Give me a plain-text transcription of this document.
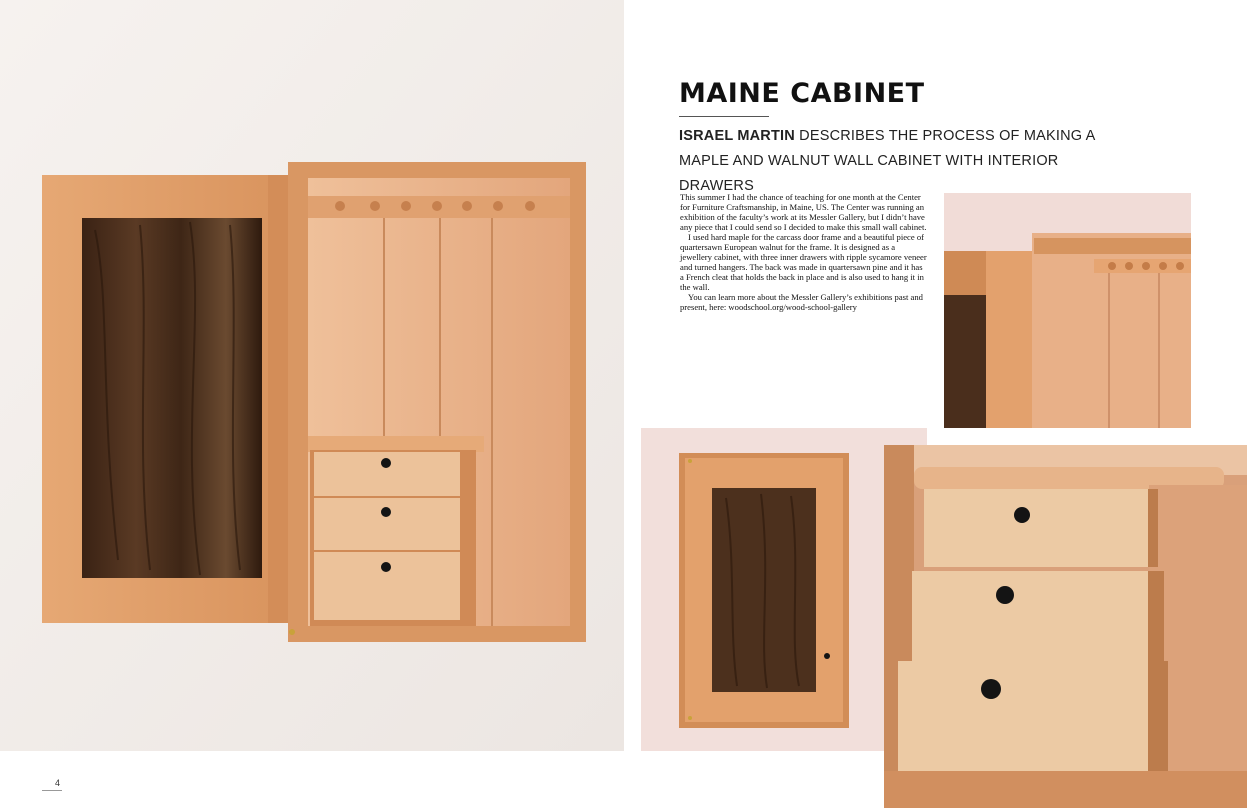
MAINE CABINET
ISRAEL MARTIN DESCRIBES THE PROCESS OF MAKING A MAPLE AND WALNUT WALL CABINET WITH INTERIOR DRAWERS

This summer I had the chance of teaching for one month at the Center for Furniture Craftsmanship, in Maine, US. The Center was running an exhibition of the faculty’s work at its Messler Gallery, but I didn’t have any piece that I could send so I decided to make this small wall cabinet.

I used hard maple for the carcass door frame and a beautiful piece of quartersawn European walnut for the frame. It is designed as a jewellery cabinet, with three inner drawers with ripple sycamore veneer and turned hangers. The back was made in quartersawn pine and it has a French cleat that holds the back in place and is also used to hang it in the wall.

You can learn more about the Messler Gallery’s exhibitions past and present, here: woodschool.org/wood-school-gallery

4
